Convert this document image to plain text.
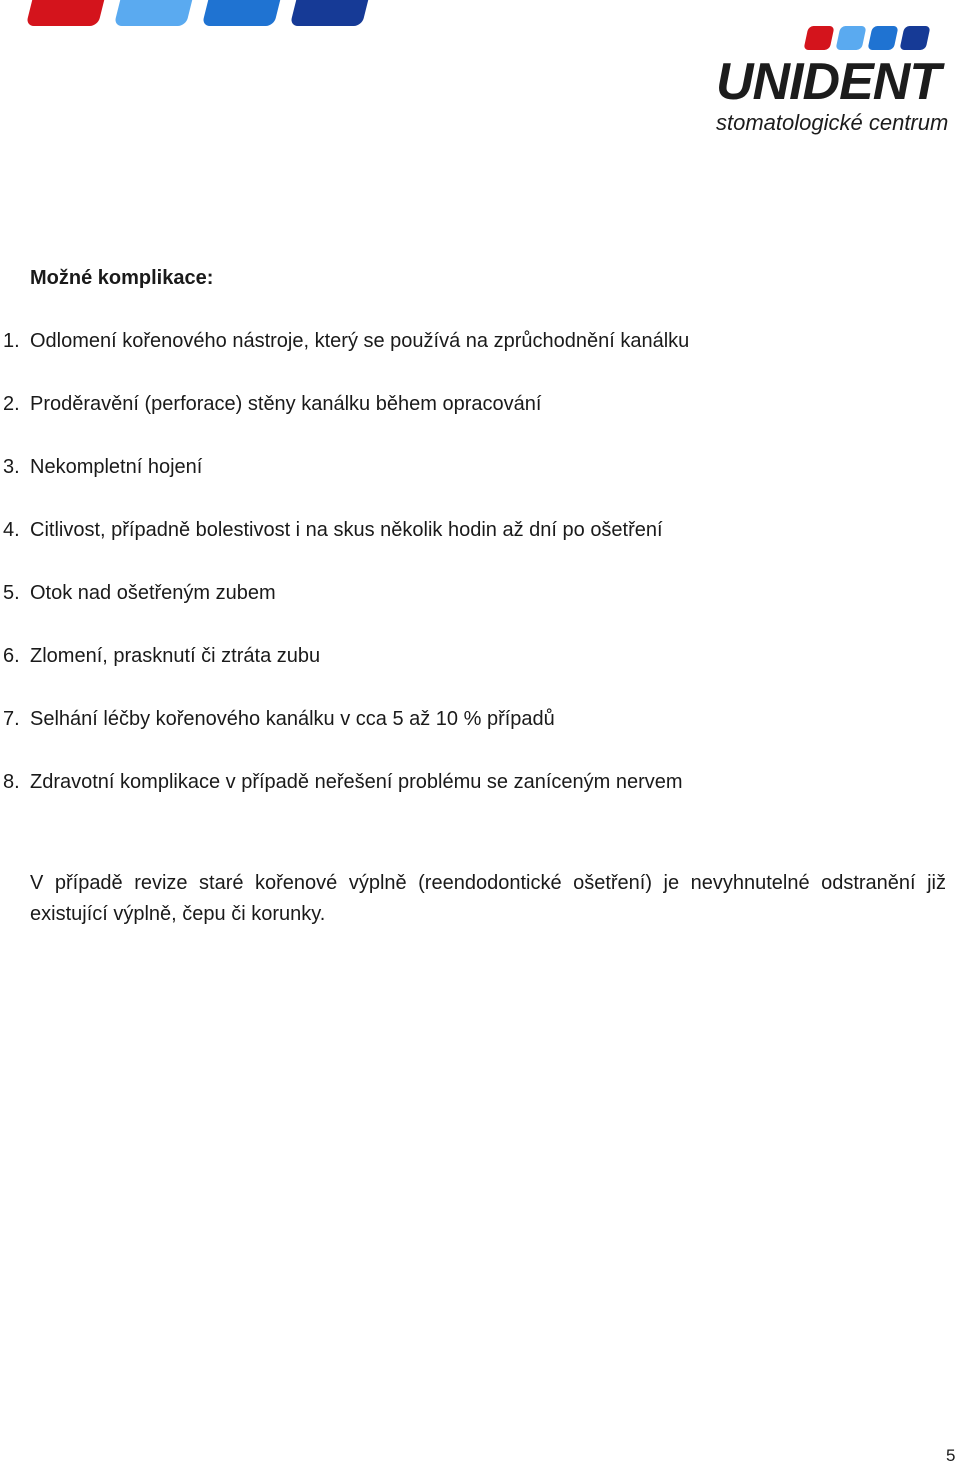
UNIDENT
stomatologické centrum
Možné komplikace:
1. Odlomení kořenového nástroje, který se používá na zprůchodnění kanálku
2. Proděravění (perforace) stěny kanálku během opracování
3. Nekompletní hojení
4. Citlivost, případně bolestivost i na skus několik hodin až dní po ošetření
5. Otok nad ošetřeným zubem
6. Zlomení, prasknutí či ztráta zubu
7. Selhání léčby kořenového kanálku v cca 5 až 10 % případů
8. Zdravotní komplikace v případě neřešení problému se zaníceným nervem

V případě revize staré kořenové výplně (reendodontické ošetření) je nevyhnutelné odstranění již existující výplně, čepu či korunky.

5
